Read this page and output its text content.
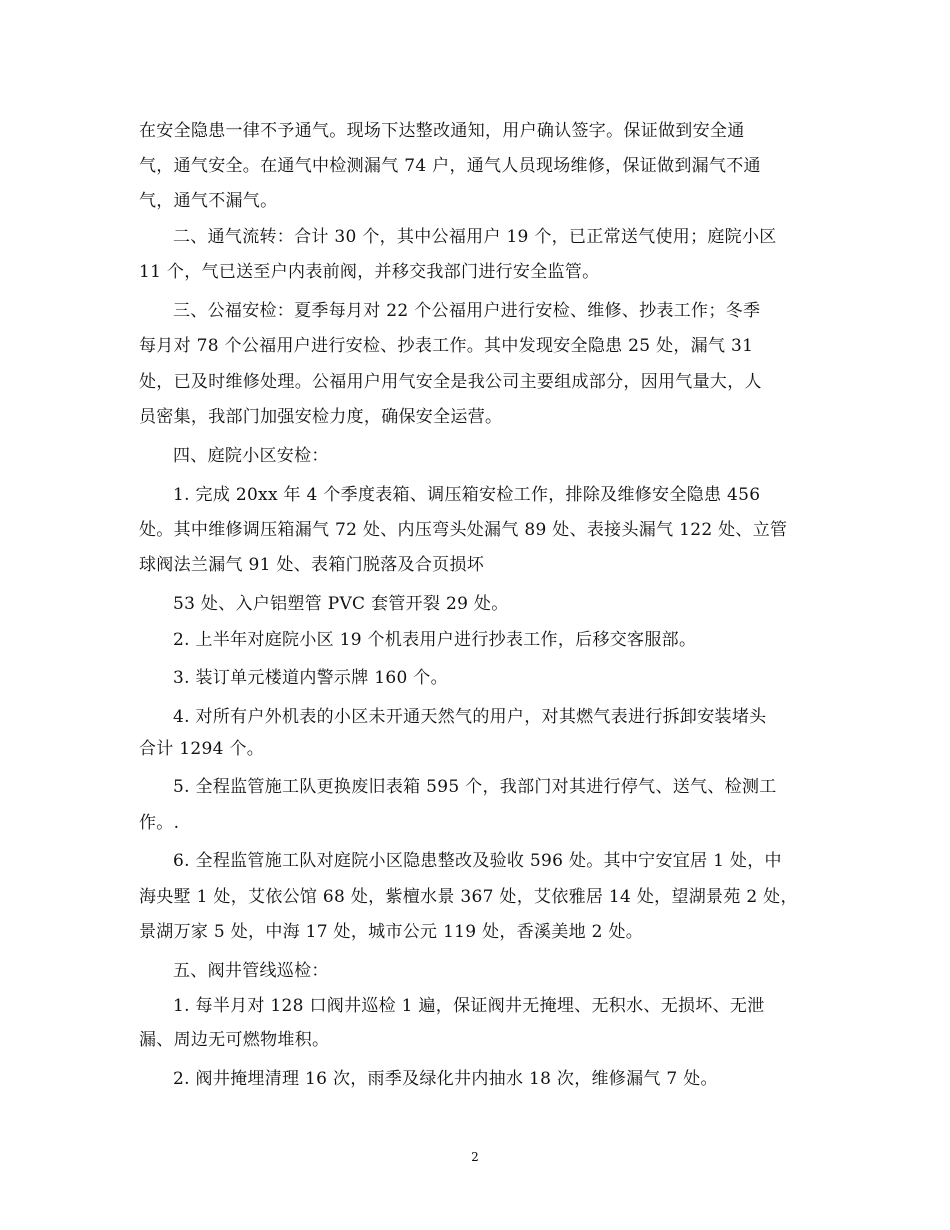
在安全隐患一律不予通气。现场下达整改通知，用户确认签字。保证做到安全通
气，通气安全。在通气中检测漏气 74 户，通气人员现场维修，保证做到漏气不通
气，通气不漏气。
二、通气流转：合计 30 个，其中公福用户 19 个，已正常送气使用；庭院小区
11 个，气已送至户内表前阀，并移交我部门进行安全监管。
三、公福安检：夏季每月对 22 个公福用户进行安检、维修、抄表工作；冬季
每月对 78 个公福用户进行安检、抄表工作。其中发现安全隐患 25 处，漏气 31
处，已及时维修处理。公福用户用气安全是我公司主要组成部分，因用气量大，人
员密集，我部门加强安检力度，确保安全运营。
四、庭院小区安检：
1. 完成 20xx 年 4 个季度表箱、调压箱安检工作，排除及维修安全隐患 456
处。其中维修调压箱漏气 72 处、内压弯头处漏气 89 处、表接头漏气 122 处、立管
球阀法兰漏气 91 处、表箱门脱落及合页损坏
53 处、入户铝塑管 PVC 套管开裂 29 处。
2. 上半年对庭院小区 19 个机表用户进行抄表工作，后移交客服部。
3. 装订单元楼道内警示牌 160 个。
4. 对所有户外机表的小区未开通天然气的用户，对其燃气表进行拆卸安装堵头
合计 1294 个。
5. 全程监管施工队更换废旧表箱 595 个，我部门对其进行停气、送气、检测工
作。.
6. 全程监管施工队对庭院小区隐患整改及验收 596 处。其中宁安宜居 1 处，中
海央墅 1 处，艾依公馆 68 处，紫檀水景 367 处，艾依雅居 14 处，望湖景苑 2 处，
景湖万家 5 处，中海 17 处，城市公元 119 处，香溪美地 2 处。
五、阀井管线巡检：
1. 每半月对 128 口阀井巡检 1 遍，保证阀井无掩埋、无积水、无损坏、无泄
漏、周边无可燃物堆积。
2. 阀井掩埋清理 16 次，雨季及绿化井内抽水 18 次，维修漏气 7 处。
2
